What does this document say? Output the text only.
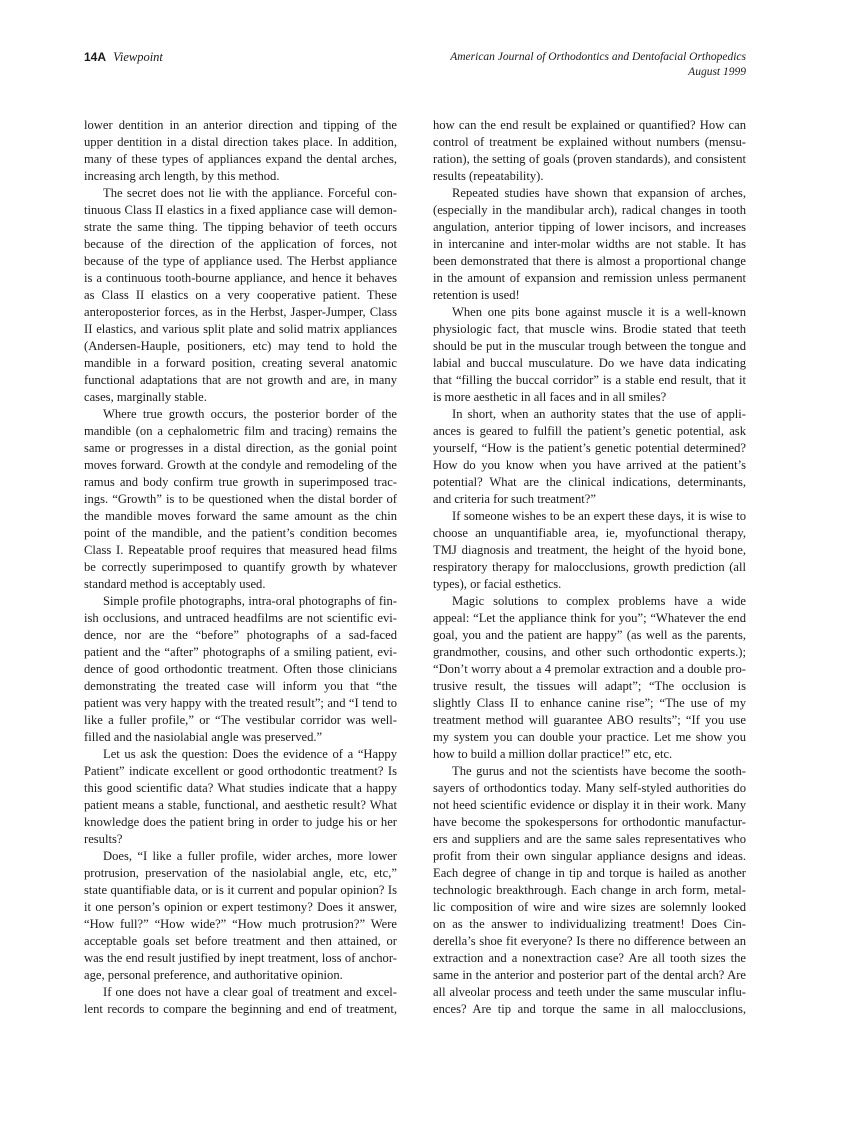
14A Viewpoint	American Journal of Orthodontics and Dentofacial Orthopedics
August 1999
lower dentition in an anterior direction and tipping of the
upper dentition in a distal direction takes place. In addition,
many of these types of appliances expand the dental arches,
increasing arch length, by this method.
The secret does not lie with the appliance. Forceful con-
tinuous Class II elastics in a fixed appliance case will demon-
strate the same thing. The tipping behavior of teeth occurs
because of the direction of the application of forces, not
because of the type of appliance used. The Herbst appliance
is a continuous tooth-bourne appliance, and hence it behaves
as Class II elastics on a very cooperative patient. These
anteroposterior forces, as in the Herbst, Jasper-Jumper, Class
II elastics, and various split plate and solid matrix appliances
(Andersen-Hauple, positioners, etc) may tend to hold the
mandible in a forward position, creating several anatomic
functional adaptations that are not growth and are, in many
cases, marginally stable.
Where true growth occurs, the posterior border of the
mandible (on a cephalometric film and tracing) remains the
same or progresses in a distal direction, as the gonial point
moves forward. Growth at the condyle and remodeling of the
ramus and body confirm true growth in superimposed trac-
ings. “Growth” is to be questioned when the distal border of
the mandible moves forward the same amount as the chin
point of the mandible, and the patient’s condition becomes
Class I. Repeatable proof requires that measured head films
be correctly superimposed to quantify growth by whatever
standard method is acceptably used.
Simple profile photographs, intra-oral photographs of fin-
ish occlusions, and untraced headfilms are not scientific evi-
dence, nor are the “before” photographs of a sad-faced
patient and the “after” photographs of a smiling patient, evi-
dence of good orthodontic treatment. Often those clinicians
demonstrating the treated case will inform you that “the
patient was very happy with the treated result”; and “I tend to
like a fuller profile,” or “The vestibular corridor was well-
filled and the nasiolabial angle was preserved.”
Let us ask the question: Does the evidence of a “Happy
Patient” indicate excellent or good orthodontic treatment? Is
this good scientific data? What studies indicate that a happy
patient means a stable, functional, and aesthetic result? What
knowledge does the patient bring in order to judge his or her
results?
Does, “I like a fuller profile, wider arches, more lower
protrusion, preservation of the nasiolabial angle, etc, etc,”
state quantifiable data, or is it current and popular opinion? Is
it one person’s opinion or expert testimony? Does it answer,
“How full?” “How wide?” “How much protrusion?” Were
acceptable goals set before treatment and then attained, or
was the end result justified by inept treatment, loss of anchor-
age, personal preference, and authoritative opinion.
If one does not have a clear goal of treatment and excel-
lent records to compare the beginning and end of treatment,
how can the end result be explained or quantified? How can
control of treatment be explained without numbers (mensu-
ration), the setting of goals (proven standards), and consistent
results (repeatability).
Repeated studies have shown that expansion of arches,
(especially in the mandibular arch), radical changes in tooth
angulation, anterior tipping of lower incisors, and increases
in intercanine and inter-molar widths are not stable. It has
been demonstrated that there is almost a proportional change
in the amount of expansion and remission unless permanent
retention is used!
When one pits bone against muscle it is a well-known
physiologic fact, that muscle wins. Brodie stated that teeth
should be put in the muscular trough between the tongue and
labial and buccal musculature. Do we have data indicating
that “filling the buccal corridor” is a stable end result, that it
is more aesthetic in all faces and in all smiles?
In short, when an authority states that the use of appli-
ances is geared to fulfill the patient’s genetic potential, ask
yourself, “How is the patient’s genetic potential determined?
How do you know when you have arrived at the patient’s
potential? What are the clinical indications, determinants,
and criteria for such treatment?”
If someone wishes to be an expert these days, it is wise to
choose an unquantifiable area, ie, myofunctional therapy,
TMJ diagnosis and treatment, the height of the hyoid bone,
respiratory therapy for malocclusions, growth prediction (all
types), or facial esthetics.
Magic solutions to complex problems have a wide
appeal: “Let the appliance think for you”; “Whatever the end
goal, you and the patient are happy” (as well as the parents,
grandmother, cousins, and other such orthodontic experts.);
“Don’t worry about a 4 premolar extraction and a double pro-
trusive result, the tissues will adapt”; “The occlusion is
slightly Class II to enhance canine rise”; “The use of my
treatment method will guarantee ABO results”; “If you use
my system you can double your practice. Let me show you
how to build a million dollar practice!” etc, etc.
The gurus and not the scientists have become the sooth-
sayers of orthodontics today. Many self-styled authorities do
not heed scientific evidence or display it in their work. Many
have become the spokespersons for orthodontic manufactur-
ers and suppliers and are the same sales representatives who
profit from their own singular appliance designs and ideas.
Each degree of change in tip and torque is hailed as another
technologic breakthrough. Each change in arch form, metal-
lic composition of wire and wire sizes are solemnly looked
on as the answer to individualizing treatment! Does Cin-
derella’s shoe fit everyone? Is there no difference between an
extraction and a nonextraction case? Are all tooth sizes the
same in the anterior and posterior part of the dental arch? Are
all alveolar process and teeth under the same muscular influ-
ences? Are tip and torque the same in all malocclusions,
